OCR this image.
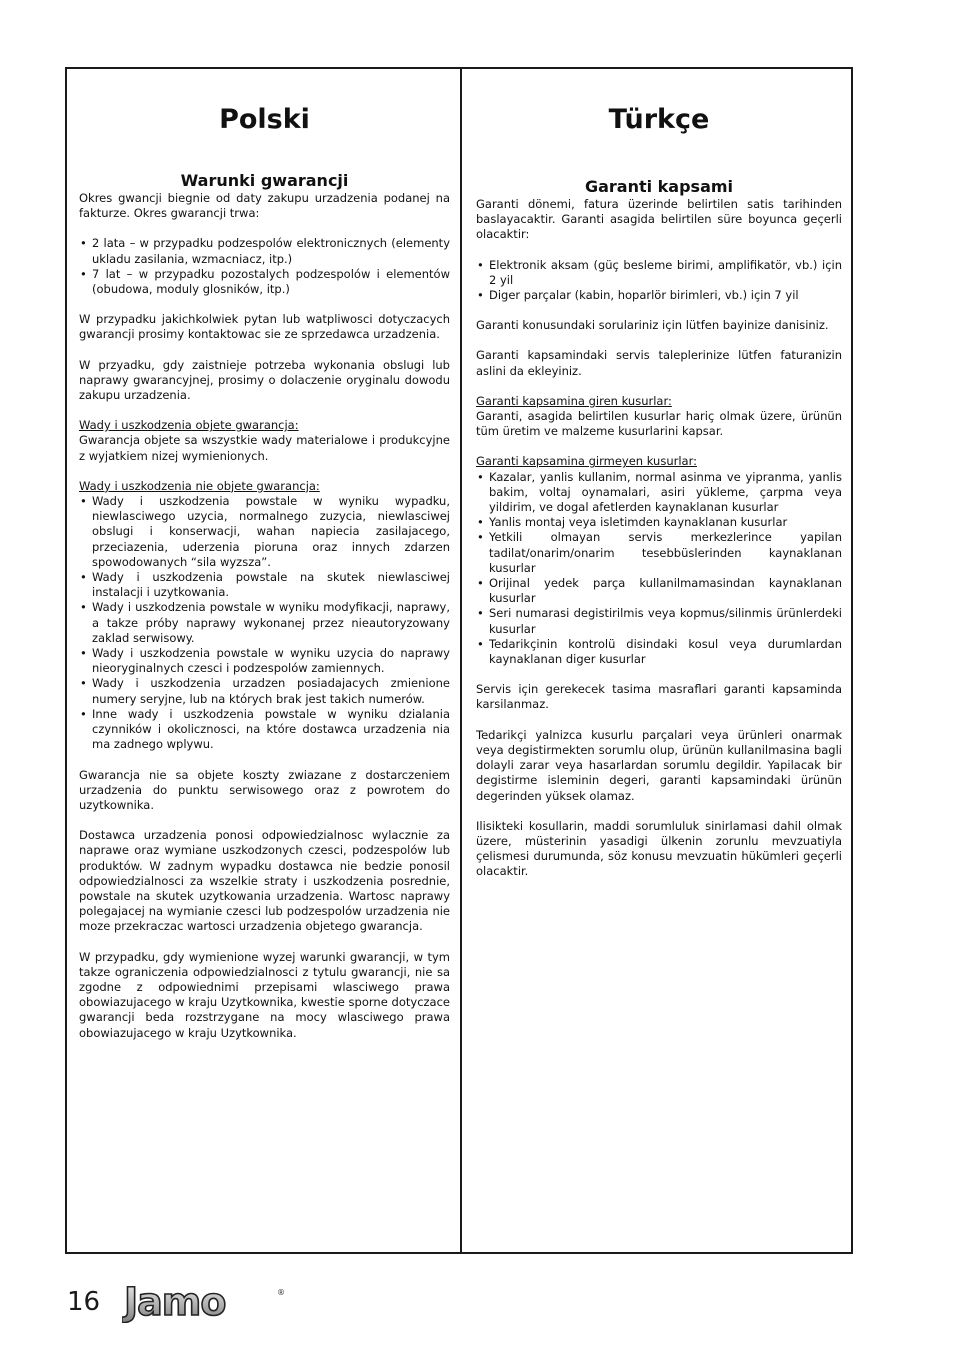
Polski
Warunki gwarancji

Okres gwancji biegnie od daty zakupu urzadzenia podanej na fakturze. Okres gwarancji trwa:

• 2 lata – w przypadku podzespolów elektronicznych (elementy ukladu zasilania, wzmacniacz, itp.)
• 7 lat – w przypadku pozostalych podzespolów i elementów (obudowa, moduly glosników, itp.)

W przypadku jakichkolwiek pytan lub watpliwosci dotyczacych gwarancji prosimy kontaktowac sie ze sprzedawca urzadzenia.

W przyadku, gdy zaistnieje potrzeba wykonania obslugi lub naprawy gwarancyjnej, prosimy o dolaczenie oryginalu dowodu zakupu urzadzenia.

Wady i uszkodzenia objete gwarancja:

Gwarancja objete sa wszystkie wady materialowe i produkcyjne z wyjatkiem nizej wymienionych.

Wady i uszkodzenia nie objete gwarancja:

• Wady i uszkodzenia powstale w wyniku wypadku, niewlasciwego uzycia, normalnego zuzycia, niewlasciwej obslugi i konserwacji, wahan napiecia zasilajacego, przeciazenia, uderzenia pioruna oraz innych zdarzen spowodowanych “sila wyzsza”.
• Wady i uszkodzenia powstale na skutek niewlasciwej instalacji i uzytkowania.
• Wady i uszkodzenia powstale w wyniku modyfikacji, naprawy, a takze próby naprawy wykonanej przez nieautoryzowany zaklad serwisowy.
• Wady i uszkodzenia powstale w wyniku uzycia do naprawy nieoryginalnych czesci i podzespolów zamiennych.
• Wady i uszkodzenia urzadzen posiadajacych zmienione numery seryjne, lub na których brak jest takich numerów.
• Inne wady i uszkodzenia powstale w wyniku dzialania czynników i okolicznosci, na które dostawca urzadzenia nia ma zadnego wplywu.

Gwarancja nie sa objete koszty zwiazane z dostarczeniem urzadzenia do punktu serwisowego oraz z powrotem do uzytkownika.

Dostawca urzadzenia ponosi odpowiedzialnosc wylacznie za naprawe oraz wymiane uszkodzonych czesci, podzespolów lub produktów. W zadnym wypadku dostawca nie bedzie ponosil odpowiedzialnosci za wszelkie straty i uszkodzenia posrednie, powstale na skutek uzytkowania urzadzenia. Wartosc naprawy polegajacej na wymianie czesci lub podzespolów urzadzenia nie moze przekraczac wartosci urzadzenia objetego gwarancja.

W przypadku, gdy wymienione wyzej warunki gwarancji, w tym takze ograniczenia odpowiedzialnosci z tytulu gwarancji, nie sa zgodne z odpowiednimi przepisami wlasciwego prawa obowiazujacego w kraju Uzytkownika, kwestie sporne dotyczace gwarancji beda rozstrzygane na mocy wlasciwego prawa obowiazujacego w kraju Uzytkownika.

Türkçe
Garanti kapsami

Garanti dönemi, fatura üzerinde belirtilen satis tarihinden baslayacaktir. Garanti asagida belirtilen süre boyunca geçerli olacaktir:

• Elektronik aksam (güç besleme birimi, amplifikatör, vb.) için 2 yil
• Diger parçalar (kabin, hoparlör birimleri, vb.) için 7 yil

Garanti konusundaki sorulariniz için lütfen bayinize danisiniz.

Garanti kapsamindaki servis taleplerinize lütfen faturanizin aslini da ekleyiniz.

Garanti kapsamina giren kusurlar:

Garanti, asagida belirtilen kusurlar hariç olmak üzere, ürünün tüm üretim ve malzeme kusurlarini kapsar.

Garanti kapsamina girmeyen kusurlar:

• Kazalar, yanlis kullanim, normal asinma ve yipranma, yanlis bakim, voltaj oynamalari, asiri yükleme, çarpma veya yildirim, ve dogal afetlerden kaynaklanan kusurlar
• Yanlis montaj veya isletimden kaynaklanan kusurlar
• Yetkili olmayan servis merkezlerince yapilan tadilat/onarim/onarim tesebbüslerinden kaynaklanan kusurlar
• Orijinal yedek parça kullanilmamasindan kaynaklanan kusurlar
• Seri numarasi degistirilmis veya kopmus/silinmis ürünlerdeki kusurlar
• Tedarikçinin kontrolü disindaki kosul veya durumlardan kaynaklanan diger kusurlar

Servis için gerekecek tasima masraflari garanti kapsaminda karsilanmaz.

Tedarikçi yalnizca kusurlu parçalari veya ürünleri onarmak veya degistirmekten sorumlu olup, ürünün kullanilmasina bagli dolayli zarar veya hasarlardan sorumlu degildir. Yapilacak bir degistirme isleminin degeri, garanti kapsamindaki ürünün degerinden yüksek olamaz.

Ilisikteki kosullarin, maddi sorumluluk sinirlamasi dahil olmak üzere, müsterinin yasadigi ülkenin zorunlu mevzuatiyla çelismesi durumunda, söz konusu mevzuatin hükümleri geçerli olacaktir.

16 Jamo	®
